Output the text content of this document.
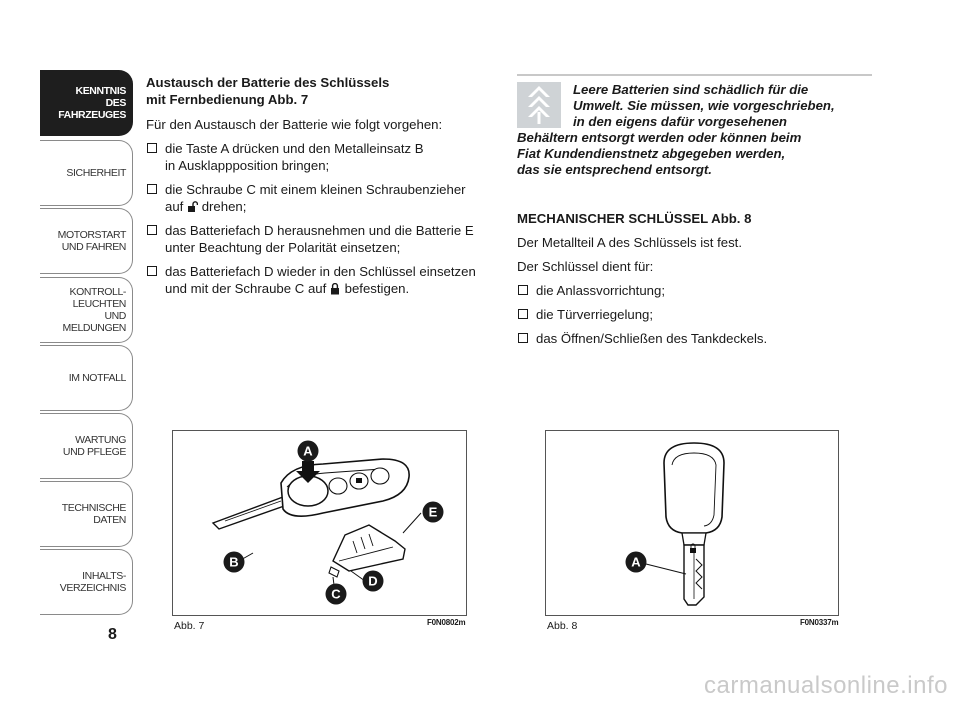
KENNTNIS
DES FAHRZEUGES
SICHERHEIT
MOTORSTART
UND FAHREN
KONTROLL-
LEUCHTEN
UND MELDUNGEN
IM NOTFALL
WARTUNG
UND PFLEGE
TECHNISCHE
DATEN
INHALTS-
VERZEICHNIS
8
Austausch der Batterie des Schlüssels
mit Fernbedienung Abb. 7
Für den Austausch der Batterie wie folgt vorgehen:
die Taste A drücken und den Metalleinsatz B
in Ausklappposition bringen;
die Schraube C mit einem kleinen Schraubenzieher
auf drehen;
das Batteriefach D herausnehmen und die Batterie E unter Beachtung der Polarität einsetzen;
das Batteriefach D wieder in den Schlüssel einsetzen
und mit der Schraube C auf befestigen.
Leere Batterien sind schädlich für die
Umwelt. Sie müssen, wie vorgeschrieben,
in den eigens dafür vorgesehenen
Behältern entsorgt werden oder können beim
Fiat Kundendienstnetz abgegeben werden,
das sie entsprechend entsorgt.
MECHANISCHER SCHLÜSSEL Abb. 8
Der Metallteil A des Schlüssels ist fest.
Der Schlüssel dient für:
die Anlassvorrichtung;
die Türverriegelung;
das Öffnen/Schließen des Tankdeckels.
A
B
C
D
E
Abb. 7	F0N0802m
A
Abb. 8	F0N0337m
carmanualsonline.info
